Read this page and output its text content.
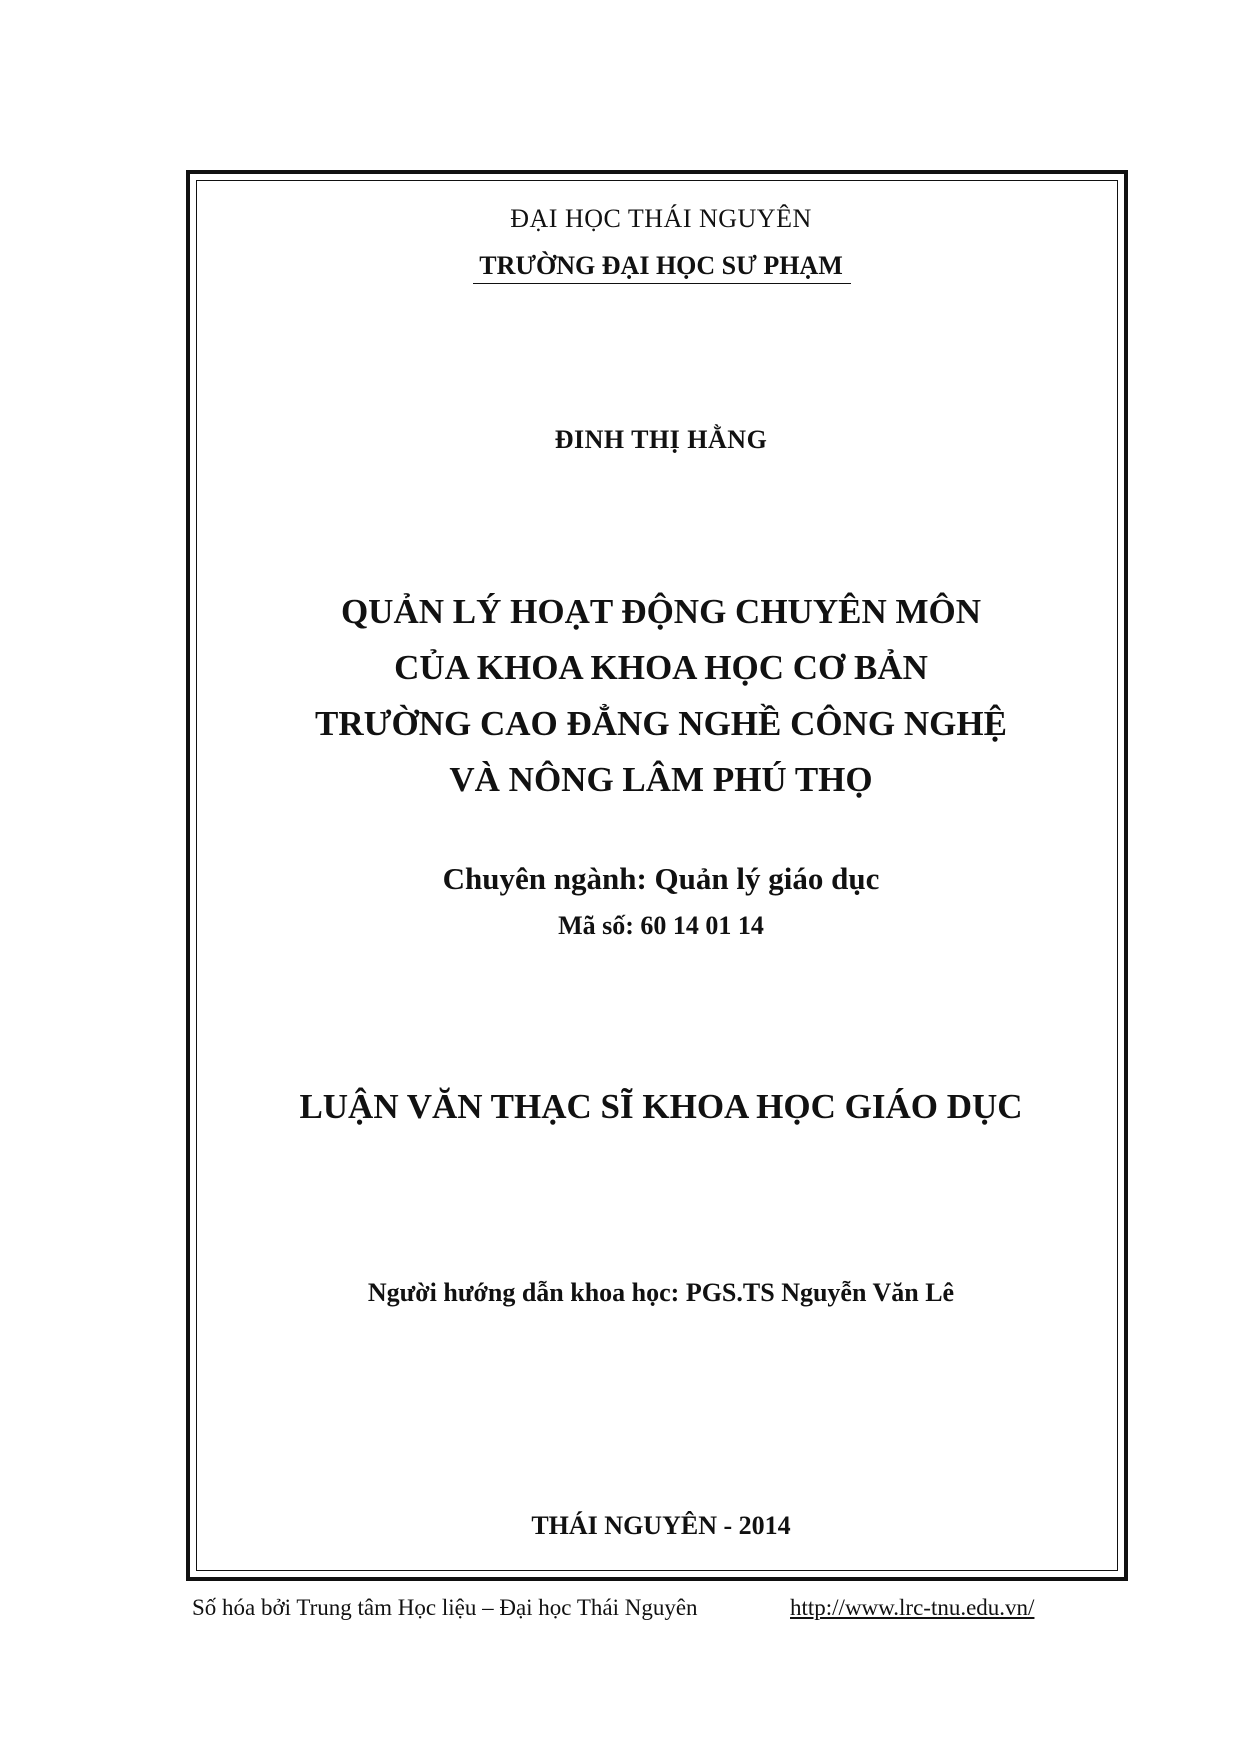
ĐẠI HỌC THÁI NGUYÊN
TRƯỜNG ĐẠI HỌC SƯ PHẠM
ĐINH THỊ HẰNG
QUẢN LÝ HOẠT ĐỘNG CHUYÊN MÔN
CỦA KHOA KHOA HỌC CƠ BẢN
TRƯỜNG CAO ĐẲNG NGHỀ CÔNG NGHỆ
VÀ NÔNG LÂM PHÚ THỌ
Chuyên ngành: Quản lý giáo dục
Mã số: 60 14 01 14
LUẬN VĂN THẠC SĨ KHOA HỌC GIÁO DỤC
Người hướng dẫn khoa học: PGS.TS Nguyễn Văn Lê
THÁI NGUYÊN - 2014
Số hóa bởi Trung tâm Học liệu – Đại học Thái Nguyên	http://www.lrc-tnu.edu.vn/
